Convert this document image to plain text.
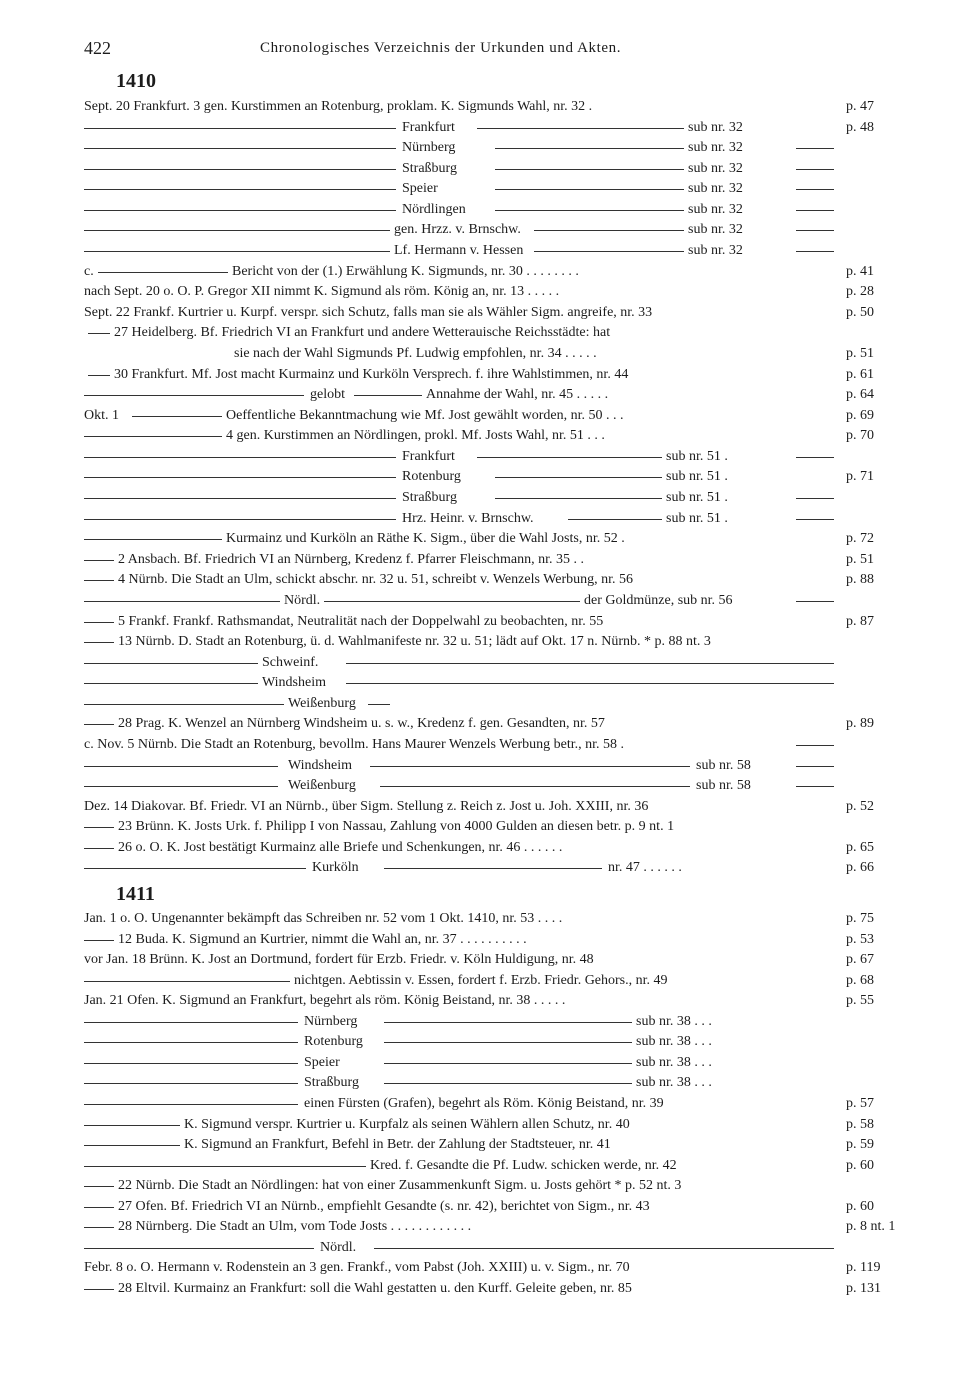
422	Chronologisches Verzeichnis der Urkunden und Akten.
1410
Sept. 20 Frankfurt. 3 gen. Kurstimmen an Rotenburg, proklam. K. Sigmunds Wahl, nr. 32 .	p. 47
Frankfurt	sub nr. 32	p. 48
Nürnberg	sub nr. 32
Straßburg	sub nr. 32
Speier	sub nr. 32
Nördlingen	sub nr. 32
gen. Hrzz. v. Brnschw.	sub nr. 32
Lf. Hermann v. Hessen	sub nr. 32
c.	Bericht von der (1.) Erwählung K. Sigmunds, nr. 30 . . . . . . . .	p. 41
nach Sept. 20 o. O. P. Gregor XII nimmt K. Sigmund als röm. König an, nr. 13 . . . . .	p. 28
Sept. 22 Frankf. Kurtrier u. Kurpf. verspr. sich Schutz, falls man sie als Wähler Sigm. angreife, nr. 33	p. 50
27 Heidelberg. Bf. Friedrich VI an Frankfurt und andere Wetterauische Reichsstädte: hat
sie nach der Wahl Sigmunds Pf. Ludwig empfohlen, nr. 34 . . . . .	p. 51
30 Frankfurt. Mf. Jost macht Kurmainz und Kurköln Versprech. f. ihre Wahlstimmen, nr. 44	p. 61
gelobt	Annahme der Wahl, nr. 45 . . . . .	p. 64
Okt. 1	Oeffentliche Bekanntmachung wie Mf. Jost gewählt worden, nr. 50 . . .	p. 69
4 gen. Kurstimmen an Nördlingen, prokl. Mf. Josts Wahl, nr. 51 . . .	p. 70
Frankfurt	sub nr. 51 .
Rotenburg	sub nr. 51 .	p. 71
Straßburg	sub nr. 51 .
Hrz. Heinr. v. Brnschw.	sub nr. 51 .
Kurmainz und Kurköln an Räthe K. Sigm., über die Wahl Josts, nr. 52 .	p. 72
2 Ansbach. Bf. Friedrich VI an Nürnberg, Kredenz f. Pfarrer Fleischmann, nr. 35 . .	p. 51
4 Nürnb. Die Stadt an Ulm, schickt abschr. nr. 32 u. 51, schreibt v. Wenzels Werbung, nr. 56	p. 88
Nördl.	der Goldmünze, sub nr. 56
5 Frankf. Frankf. Rathsmandat, Neutralität nach der Doppelwahl zu beobachten, nr. 55	p. 87
13 Nürnb. D. Stadt an Rotenburg, ü. d. Wahlmanifeste nr. 32 u. 51; lädt auf Okt. 17 n. Nürnb. * p. 88 nt. 3
Schweinf.
Windsheim
Weißenburg
28 Prag. K. Wenzel an Nürnberg Windsheim u. s. w., Kredenz f. gen. Gesandten, nr. 57	p. 89
c. Nov. 5 Nürnb. Die Stadt an Rotenburg, bevollm. Hans Maurer Wenzels Werbung betr., nr. 58 .
Windsheim	sub nr. 58
Weißenburg	sub nr. 58
Dez. 14 Diakovar. Bf. Friedr. VI an Nürnb., über Sigm. Stellung z. Reich z. Jost u. Joh. XXIII, nr. 36	p. 52
23 Brünn. K. Josts Urk. f. Philipp I von Nassau, Zahlung von 4000 Gulden an diesen betr. p. 9 nt. 1
26 o. O. K. Jost bestätigt Kurmainz alle Briefe und Schenkungen, nr. 46 . . . . . .	p. 65
Kurköln	nr. 47 . . . . . .	p. 66
1411
Jan. 1 o. O. Ungenannter bekämpft das Schreiben nr. 52 vom 1 Okt. 1410, nr. 53 . . . .	p. 75
12 Buda. K. Sigmund an Kurtrier, nimmt die Wahl an, nr. 37 . . . . . . . . . .	p. 53
vor Jan. 18 Brünn. K. Jost an Dortmund, fordert für Erzb. Friedr. v. Köln Huldigung, nr. 48	p. 67
nichtgen. Aebtissin v. Essen, fordert f. Erzb. Friedr. Gehors., nr. 49	p. 68
Jan. 21 Ofen. K. Sigmund an Frankfurt, begehrt als röm. König Beistand, nr. 38 . . . . .	p. 55
Nürnberg	sub nr. 38 . . .
Rotenburg	sub nr. 38 . . .
Speier	sub nr. 38 . . .
Straßburg	sub nr. 38 . . .
einen Fürsten (Grafen), begehrt als Röm. König Beistand, nr. 39	p. 57
K. Sigmund verspr. Kurtrier u. Kurpfalz als seinen Wählern allen Schutz, nr. 40	p. 58
K. Sigmund an Frankfurt, Befehl in Betr. der Zahlung der Stadtsteuer, nr. 41	p. 59
Kred. f. Gesandte die Pf. Ludw. schicken werde, nr. 42	p. 60
22 Nürnb. Die Stadt an Nördlingen: hat von einer Zusammenkunft Sigm. u. Josts gehört * p. 52 nt. 3
27 Ofen. Bf. Friedrich VI an Nürnb., empfiehlt Gesandte (s. nr. 42), berichtet von Sigm., nr. 43	p. 60
28 Nürnberg. Die Stadt an Ulm, vom Tode Josts . . . . . . . . . . . .	p. 8 nt. 1
Nördl.
Febr. 8 o. O. Hermann v. Rodenstein an 3 gen. Frankf., vom Pabst (Joh. XXIII) u. v. Sigm., nr. 70	p. 119
28 Eltvil. Kurmainz an Frankfurt: soll die Wahl gestatten u. den Kurff. Geleite geben, nr. 85	p. 131
